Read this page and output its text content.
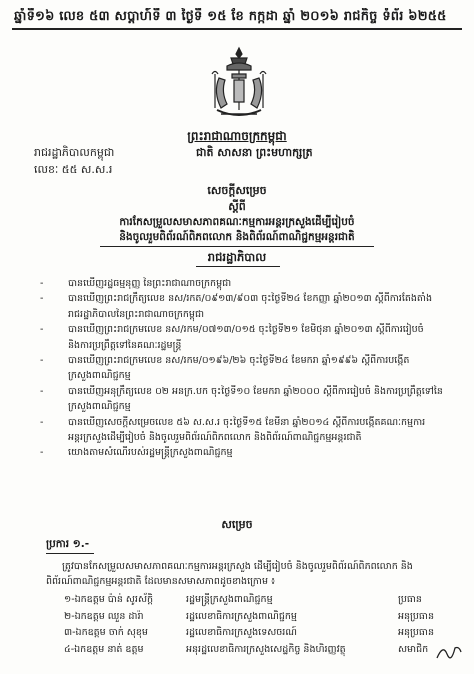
ឆ្នាំទី១៦ លេខ ៥៣ សប្តាហ៍ទី ៣ ថ្ងៃទី ១៥ ខែ កក្កដា ឆ្នាំ ២០១៦ រាជកិច្ច ទំព័រ ៦២៥៥
ព្រះរាជាណាចក្រកម្ពុជា
រាជរដ្ឋាភិបាលកម្ពុជា	ជាតិ សាសនា ព្រះមហាក្សត្រ
លេខៈ ៥៥ ស.ស.រ
សេចក្តីសម្រេច
ស្តីពី
ការកែសម្រួលសមាសភាពគណៈកម្មការអន្តរក្រសួងដើម្បីរៀបចំ
និងចូលរួមពិព័រណ៍ពិភពលោក និងពិព័រណ៍ពាណិជ្ជកម្មអន្តរជាតិ
រាជរដ្ឋាភិបាល
-	បានឃើញរដ្ឋធម្មនុញ្ញ នៃព្រះរាជាណាចក្រកម្ពុជា
-	បានឃើញព្រះរាជក្រឹត្យលេខ នស/រកត/០៩១៣/៩០៣ ចុះថ្ងៃទី២៤ ខែកញ្ញា ឆ្នាំ២០១៣ ស្តីពីការតែងតាំង
រាជរដ្ឋាភិបាលនៃព្រះរាជាណាចក្រកម្ពុជា
-	បានឃើញព្រះរាជក្រមលេខ នស/រកម/០៧១៣/០១៥ ចុះថ្ងៃទី២១ ខែមិថុនា ឆ្នាំ២០១៣ ស្តីពីការរៀបចំ
និងការប្រព្រឹត្តទៅនៃគណៈរដ្ឋមន្ត្រី
-	បានឃើញព្រះរាជក្រមលេខ នស/រកម/០១៩៦/២៦ ចុះថ្ងៃទី២៤ ខែមករា ឆ្នាំ១៩៩៦ ស្តីពីការបង្កើត
ក្រសួងពាណិជ្ជកម្ម
-	បានឃើញអនុក្រឹត្យលេខ ០២ អនក្រ.បក ចុះថ្ងៃទី១០ ខែមករា ឆ្នាំ២០០០ ស្តីពីការរៀបចំ និងការប្រព្រឹត្តទៅនៃ
ក្រសួងពាណិជ្ជកម្ម
-	បានឃើញសេចក្តីសម្រេចលេខ ៥៦ ស.ស.រ ចុះថ្ងៃទី១៥ ខែមីនា ឆ្នាំ២០១៤ ស្តីពីការបង្កើតគណៈកម្មការ
អន្តរក្រសួងដើម្បីរៀបចំ និងចូលរួមពិព័រណ៍ពិភពលោក និងពិព័រណ៍ពាណិជ្ជកម្មអន្តរជាតិ
-	យោងតាមសំណើរបស់រដ្ឋមន្ត្រីក្រសួងពាណិជ្ជកម្ម
សម្រេច
ប្រការ ១.-
ត្រូវបានកែសម្រួលសមាសភាពគណៈកម្មការអន្តរក្រសួង ដើម្បីរៀបចំ និងចូលរួមពិព័រណ៍ពិភពលោក និង
ពិព័រណ៍ពាណិជ្ជកម្មអន្តរជាតិ ដែលមានសមាសភាពដូចខាងក្រោម ៖
១-ឯកឧត្តម ប៉ាន់ សូរស័ក្តិ	រដ្ឋមន្ត្រីក្រសួងពាណិជ្ជកម្ម	ប្រធាន
២-ឯកឧត្តម ឈួន ដារ៉ា	រដ្ឋលេខាធិការក្រសួងពាណិជ្ជកម្ម	អនុប្រធាន
៣-ឯកឧត្តម ចាក់ សុខុម	រដ្ឋលេខាធិការក្រសួងទេសចរណ៍	អនុប្រធាន
៤-ឯកឧត្តម នាត់ ឧត្តម	អនុរដ្ឋលេខាធិការក្រសួងសេដ្ឋកិច្ច និងហិរញ្ញវត្ថុ	សមាជិក
